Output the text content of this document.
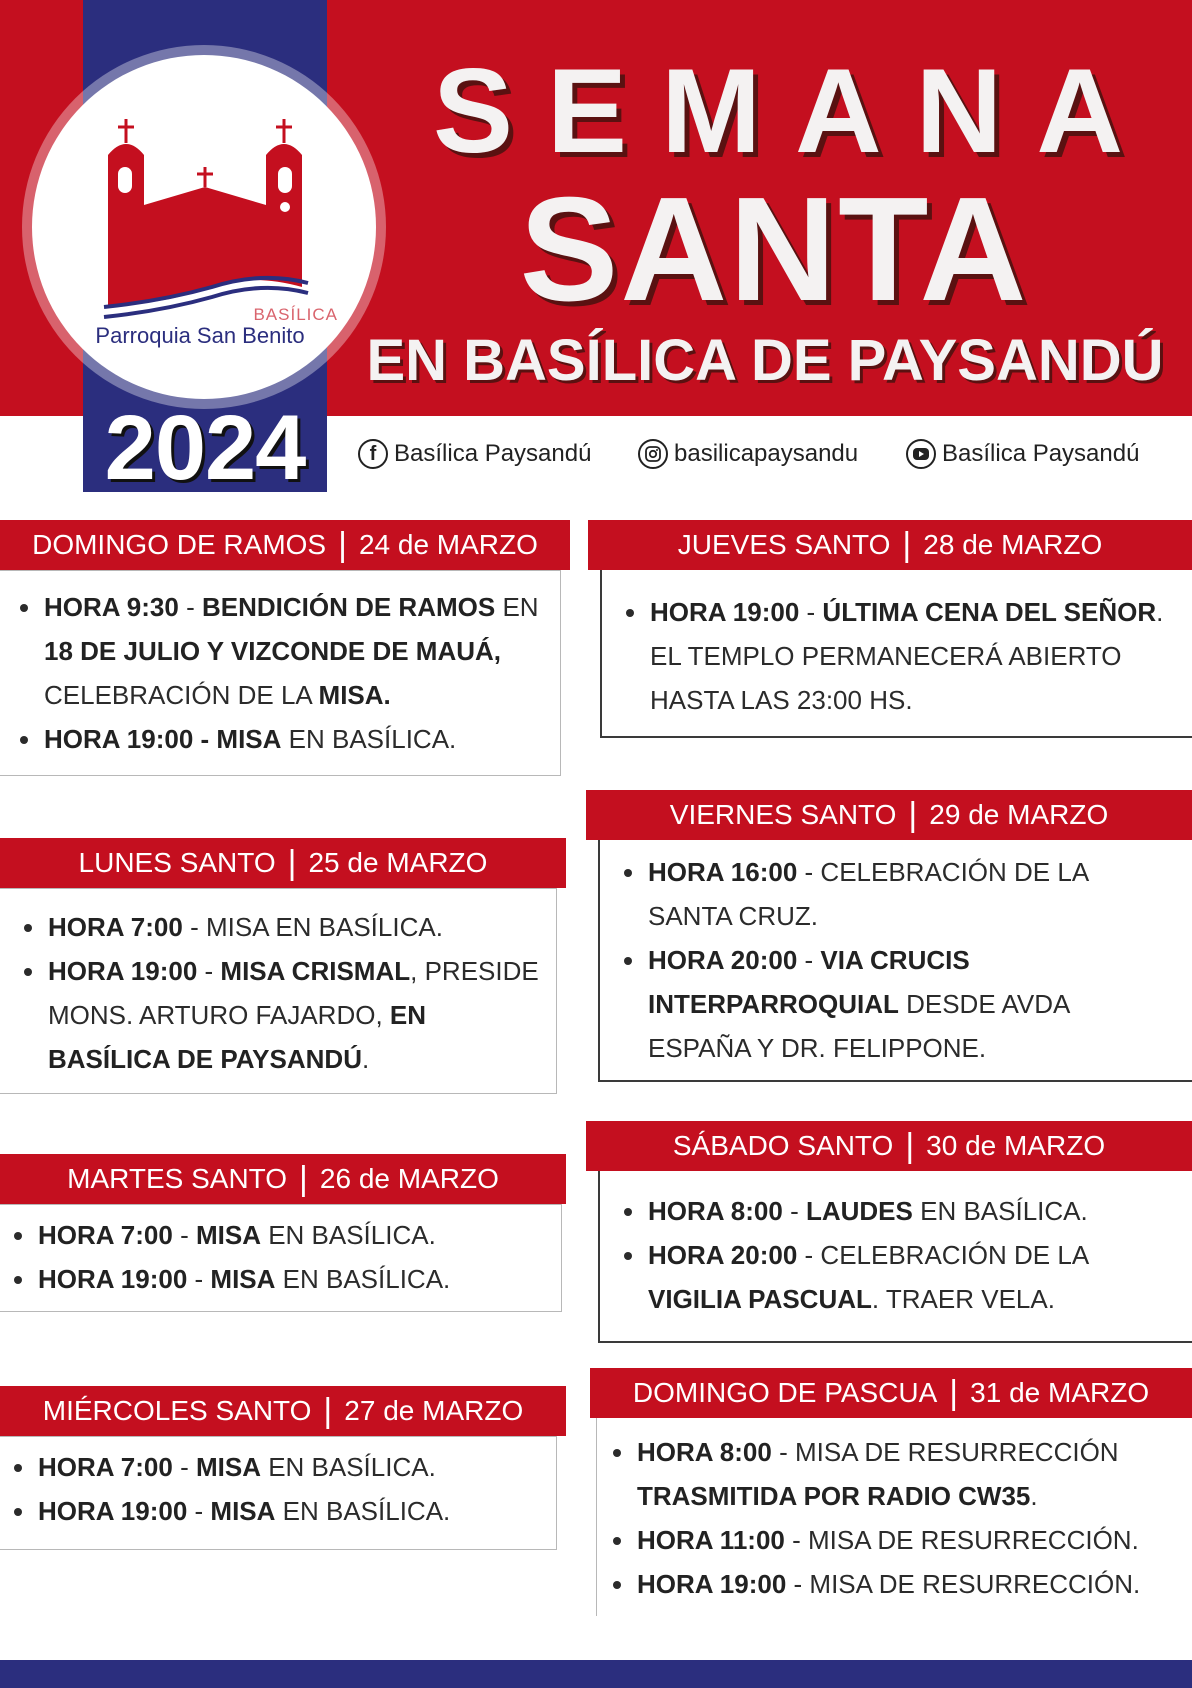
BASÍLICA
Parroquia San Benito
2024
SEMANA
SANTA
EN BASÍLICA DE PAYSANDÚ
f Basílica Paysandú	basilicapaysandu	Basílica Paysandú
DOMINGO DE RAMOS | 24 de MARZO
HORA 9:30 - BENDICIÓN DE RAMOS EN 18 DE JULIO Y VIZCONDE DE MAUÁ, CELEBRACIÓN DE LA MISA.
HORA 19:00 - MISA EN BASÍLICA.
LUNES SANTO | 25 de MARZO
HORA 7:00 - MISA EN BASÍLICA.
HORA 19:00 - MISA CRISMAL, PRESIDE MONS. ARTURO FAJARDO, EN BASÍLICA DE PAYSANDÚ.
MARTES SANTO | 26 de MARZO
HORA 7:00 - MISA EN BASÍLICA.
HORA 19:00 - MISA EN BASÍLICA.
MIÉRCOLES SANTO | 27 de MARZO
HORA 7:00 - MISA EN BASÍLICA.
HORA 19:00 - MISA EN BASÍLICA.
JUEVES SANTO | 28 de MARZO
HORA 19:00 - ÚLTIMA CENA DEL SEÑOR. EL TEMPLO PERMANECERÁ ABIERTO HASTA LAS 23:00 HS.
VIERNES SANTO | 29 de MARZO
HORA 16:00 - CELEBRACIÓN DE LA SANTA CRUZ.
HORA 20:00 - VIA CRUCIS INTERPARROQUIAL DESDE AVDA ESPAÑA Y DR. FELIPPONE.
SÁBADO SANTO | 30 de MARZO
HORA 8:00 - LAUDES EN BASÍLICA.
HORA 20:00 - CELEBRACIÓN DE LA VIGILIA PASCUAL. TRAER VELA.
DOMINGO DE PASCUA | 31 de MARZO
HORA 8:00 - MISA DE RESURRECCIÓN TRASMITIDA POR RADIO CW35.
HORA 11:00 - MISA DE RESURRECCIÓN.
HORA 19:00 - MISA DE RESURRECCIÓN.
